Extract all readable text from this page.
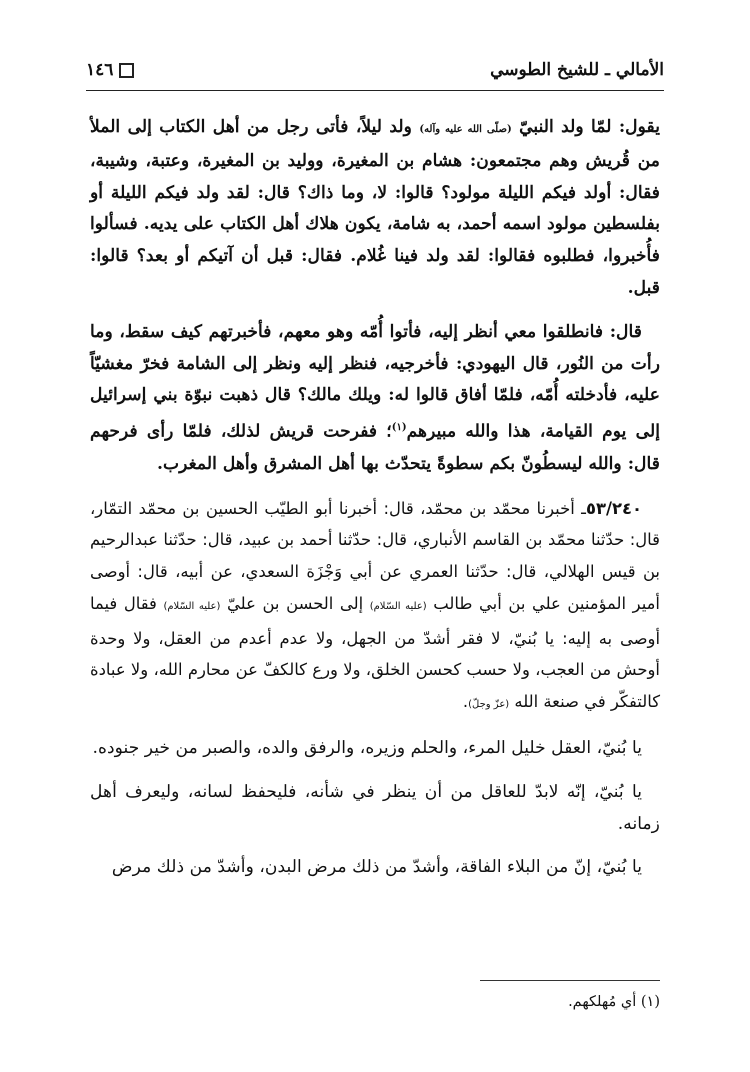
الأمالي ـ للشيخ الطوسي
١٤٦

يقول: لمّا ولد النبيّ (صلّى الله عليه وآله) ولد ليلاً، فأتى رجل من أهل الكتاب إلى الملأ من قُريش وهم مجتمعون: هشام بن المغيرة، ووليد بن المغيرة، وعتبة، وشيبة، فقال: أولد فيكم الليلة مولود؟ قالوا: لا، وما ذاك؟ قال: لقد ولد فيكم الليلة أو بفلسطين مولود اسمه أحمد، به شامة، يكون هلاك أهل الكتاب على يديه. فسألوا فأُخبروا، فطلبوه فقالوا: لقد ولد فينا غُلام. فقال: قبل أن آتيكم أو بعد؟ قالوا: قبل.

قال: فانطلقوا معي أنظر إليه، فأتوا أُمّه وهو معهم، فأخبرتهم كيف سقط، وما رأت من النُور، قال اليهودي: فأخرجيه، فنظر إليه ونظر إلى الشامة فخرّ مغشيّاً عليه، فأدخلته أُمّه، فلمّا أفاق قالوا له: ويلك مالك؟ قال ذهبت نبوّة بني إسرائيل إلى يوم القيامة، هذا والله مبيرهم$^{(١)}$؛ ففرحت قريش لذلك، فلمّا رأى فرحهم قال: والله ليسطُونّ بكم سطوةً يتحدّث بها أهل المشرق وأهل المغرب.

٥٣/٢٤٠ـ أخبرنا محمّد بن محمّد، قال: أخبرنا أبو الطيّب الحسين بن محمّد التمّار، قال: حدّثنا محمّد بن القاسم الأنباري، قال: حدّثنا أحمد بن عبيد، قال: حدّثنا عبدالرحيم بن قيس الهلالي، قال: حدّثنا العمري عن أبي وَجْزَة السعدي، عن أبيه، قال: أوصى أمير المؤمنين علي بن أبي طالب (عليه السّلام) إلى الحسن بن عليّ (عليه السّلام) فقال فيما أوصى به إليه: يا بُنيّ، لا فقر أشدّ من الجهل، ولا عدم أعدم من العقل، ولا وحدة أوحش من العجب، ولا حسب كحسن الخلق، ولا ورع كالكفّ عن محارم الله، ولا عبادة كالتفكّر في صنعة الله (عزّ وجلّ).

يا بُنيّ، العقل خليل المرء، والحلم وزيره، والرفق والده، والصبر من خير جنوده.

يا بُنيّ، إنّه لابدّ للعاقل من أن ينظر في شأنه، فليحفظ لسانه، وليعرف أهل زمانه.

يا بُنيّ، إنّ من البلاء الفاقة، وأشدّ من ذلك مرض البدن، وأشدّ من ذلك مرض

(١) أي مُهلكهم.
